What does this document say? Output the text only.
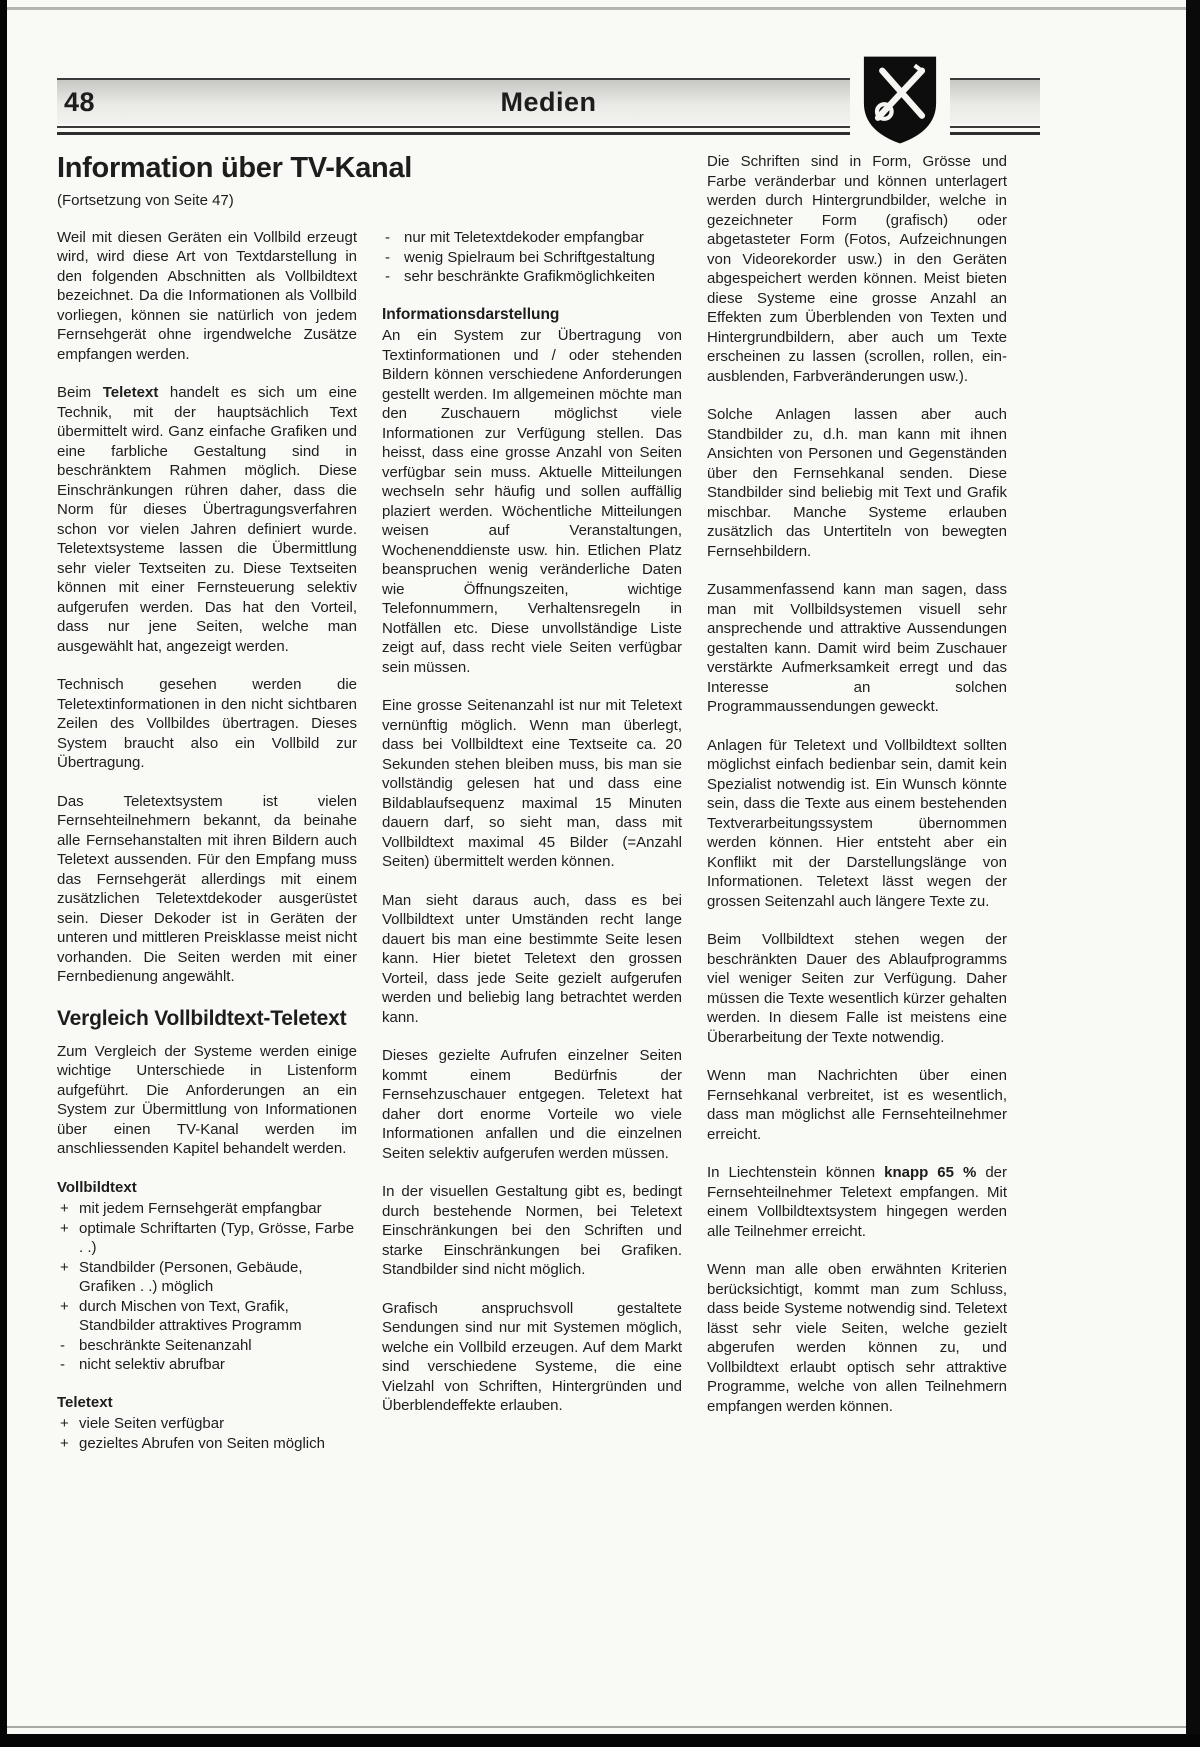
48	Medien
Information über TV-Kanal

(Fortsetzung von Seite 47)

Weil mit diesen Geräten ein Vollbild erzeugt wird, wird diese Art von Textdarstellung in den folgenden Abschnitten als Vollbildtext bezeichnet. Da die Informationen als Vollbild vorliegen, können sie natürlich von jedem Fernsehgerät ohne irgendwelche Zusätze empfangen werden.

Beim Teletext handelt es sich um eine Technik, mit der hauptsächlich Text übermittelt wird. Ganz einfache Grafiken und eine farbliche Gestaltung sind in beschränktem Rahmen möglich. Diese Einschränkungen rühren daher, dass die Norm für dieses Übertragungsverfahren schon vor vielen Jahren definiert wurde. Teletextsysteme lassen die Übermittlung sehr vieler Textseiten zu. Diese Textseiten können mit einer Fernsteuerung selektiv aufgerufen werden. Das hat den Vorteil, dass nur jene Seiten, welche man ausgewählt hat, angezeigt werden.

Technisch gesehen werden die Teletextinformationen in den nicht sichtbaren Zeilen des Vollbildes übertragen. Dieses System braucht also ein Vollbild zur Übertragung.

Das Teletextsystem ist vielen Fernsehteilnehmern bekannt, da beinahe alle Fernsehanstalten mit ihren Bildern auch Teletext aussenden. Für den Empfang muss das Fernsehgerät allerdings mit einem zusätzlichen Teletextdekoder ausgerüstet sein. Dieser Dekoder ist in Geräten der unteren und mittleren Preisklasse meist nicht vorhanden. Die Seiten werden mit einer Fernbedienung angewählt.

Vergleich Vollbildtext-Teletext

Zum Vergleich der Systeme werden einige wichtige Unterschiede in Listenform aufgeführt. Die Anforderungen an ein System zur Übermittlung von Informationen über einen TV-Kanal werden im anschliessenden Kapitel behandelt werden.

Vollbildtext
+ mit jedem Fernsehgerät empfangbar
+ optimale Schriftarten (Typ, Grösse, Farbe . .)
+ Standbilder (Personen, Gebäude, Grafiken . .) möglich
+ durch Mischen von Text, Grafik, Standbilder attraktives Programm
- beschränkte Seitenanzahl
- nicht selektiv abrufbar
Teletext
+ viele Seiten verfügbar
+ gezieltes Abrufen von Seiten möglich
- nur mit Teletextdekoder empfangbar
- wenig Spielraum bei Schriftgestaltung
- sehr beschränkte Grafikmöglichkeiten
Informationsdarstellung

An ein System zur Übertragung von Textinformationen und / oder stehenden Bildern können verschiedene Anforderungen gestellt werden. Im allgemeinen möchte man den Zuschauern möglichst viele Informationen zur Verfügung stellen. Das heisst, dass eine grosse Anzahl von Seiten verfügbar sein muss. Aktuelle Mitteilungen wechseln sehr häufig und sollen auffällig plaziert werden. Wöchentliche Mitteilungen weisen auf Veranstaltungen, Wochenenddienste usw. hin. Etlichen Platz beanspruchen wenig veränderliche Daten wie Öffnungszeiten, wichtige Telefonnummern, Verhaltensregeln in Notfällen etc. Diese unvollständige Liste zeigt auf, dass recht viele Seiten verfügbar sein müssen.

Eine grosse Seitenanzahl ist nur mit Teletext vernünftig möglich. Wenn man überlegt, dass bei Vollbildtext eine Textseite ca. 20 Sekunden stehen bleiben muss, bis man sie vollständig gelesen hat und dass eine Bildablaufsequenz maximal 15 Minuten dauern darf, so sieht man, dass mit Vollbildtext maximal 45 Bilder (=Anzahl Seiten) übermittelt werden können.

Man sieht daraus auch, dass es bei Vollbildtext unter Umständen recht lange dauert bis man eine bestimmte Seite lesen kann. Hier bietet Teletext den grossen Vorteil, dass jede Seite gezielt aufgerufen werden und beliebig lang betrachtet werden kann.

Dieses gezielte Aufrufen einzelner Seiten kommt einem Bedürfnis der Fernsehzuschauer entgegen. Teletext hat daher dort enorme Vorteile wo viele Informationen anfallen und die einzelnen Seiten selektiv aufgerufen werden müssen.

In der visuellen Gestaltung gibt es, bedingt durch bestehende Normen, bei Teletext Einschränkungen bei den Schriften und starke Einschränkungen bei Grafiken. Standbilder sind nicht möglich.

Grafisch anspruchsvoll gestaltete Sendungen sind nur mit Systemen möglich, welche ein Vollbild erzeugen. Auf dem Markt sind verschiedene Systeme, die eine Vielzahl von Schriften, Hintergründen und Überblendeffekte erlauben.

Die Schriften sind in Form, Grösse und Farbe veränderbar und können unterlagert werden durch Hintergrundbilder, welche in gezeichneter Form (grafisch) oder abgetasteter Form (Fotos, Aufzeichnungen von Videorekorder usw.) in den Geräten abgespeichert werden können. Meist bieten diese Systeme eine grosse Anzahl an Effekten zum Überblenden von Texten und Hintergrundbildern, aber auch um Texte erscheinen zu lassen (scrollen, rollen, ein-ausblenden, Farbveränderungen usw.).

Solche Anlagen lassen aber auch Standbilder zu, d.h. man kann mit ihnen Ansichten von Personen und Gegenständen über den Fernsehkanal senden. Diese Standbilder sind beliebig mit Text und Grafik mischbar. Manche Systeme erlauben zusätzlich das Untertiteln von bewegten Fernsehbildern.

Zusammenfassend kann man sagen, dass man mit Vollbildsystemen visuell sehr ansprechende und attraktive Aussendungen gestalten kann. Damit wird beim Zuschauer verstärkte Aufmerksamkeit erregt und das Interesse an solchen Programmaussendungen geweckt.

Anlagen für Teletext und Vollbildtext sollten möglichst einfach bedienbar sein, damit kein Spezialist notwendig ist. Ein Wunsch könnte sein, dass die Texte aus einem bestehenden Textverarbeitungssystem übernommen werden können. Hier entsteht aber ein Konflikt mit der Darstellungslänge von Informationen. Teletext lässt wegen der grossen Seitenzahl auch längere Texte zu.

Beim Vollbildtext stehen wegen der beschränkten Dauer des Ablaufprogramms viel weniger Seiten zur Verfügung. Daher müssen die Texte wesentlich kürzer gehalten werden. In diesem Falle ist meistens eine Überarbeitung der Texte notwendig.

Wenn man Nachrichten über einen Fernsehkanal verbreitet, ist es wesentlich, dass man möglichst alle Fernsehteilnehmer erreicht.

In Liechtenstein können knapp 65 % der Fernsehteilnehmer Teletext empfangen. Mit einem Vollbildtextsystem hingegen werden alle Teilnehmer erreicht.

Wenn man alle oben erwähnten Kriterien berücksichtigt, kommt man zum Schluss, dass beide Systeme notwendig sind. Teletext lässt sehr viele Seiten, welche gezielt abgerufen werden können zu, und Vollbildtext erlaubt optisch sehr attraktive Programme, welche von allen Teilnehmern empfangen werden können.
